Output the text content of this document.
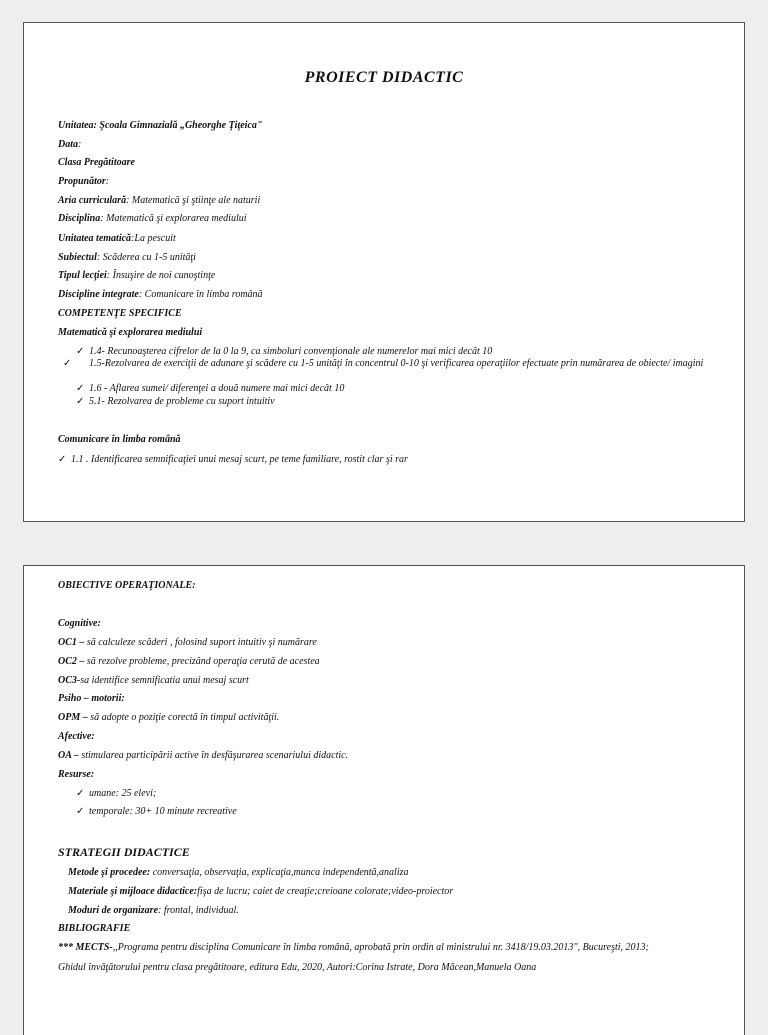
PROIECT DIDACTIC
Unitatea: Şcoala Gimnazială „Gheorghe Ţiţeica"
Data:
Clasa Pregătitoare
Propunător:
Aria curriculară: Matematică şi ştiinţe ale naturii
Disciplina: Matematică şi explorarea mediului
Unitatea tematică:La pescuit
Subiectul: Scăderea cu 1-5 unităţi
Tipul lecţiei: Însuşire de noi cunoştinţe
Discipline integrate: Comunicare în limba română
COMPETENŢE SPECIFICE
Matematică şi explorarea mediului
✓ 1.4- Recunoaşterea cifrelor de la 0 la 9, ca simboluri convenţionale ale numerelor mai mici decât 10
✓ 1.5-Rezolvarea de exerciţii de adunare şi scădere cu 1-5 unităţi în concentrul 0-10 şi verificarea operaţiilor efectuate prin numărarea de obiecte/ imagini
✓ 1.6 - Aflarea sumei/ diferenţei a două numere mai mici decât 10
✓ 5.1- Rezolvarea de probleme cu suport intuitiv
Comunicare în limba română
✓ 1.1 . Identificarea semnificaţiei unui mesaj scurt, pe teme familiare, rostit clar şi rar
OBIECTIVE OPERAŢIONALE:
Cognitive:
OC1 – să calculeze scăderi , folosind suport intuitiv şi numărare
OC2 – să rezolve probleme, precizând operaţia cerută de acestea
OC3-sa identifice semnificatia unui mesaj scurt
Psiho – motorii:
OPM – să adopte o poziţie corectă în timpul activităţii.
Afective:
OA – stimularea participării active în desfăşurarea scenariului didactic.
Resurse:
✓ umane: 25 elevi;
✓ temporale: 30+ 10 minute recreative
STRATEGII DIDACTICE
Metode şi procedee: conversaţia, observaţia, explicaţia,munca independentă,analiza
Materiale şi mijloace didactice:fişa de lucru; caiet de creaţie;creioane colorate;video-proiector
Moduri de organizare: frontal, individual.
BIBLIOGRAFIE
*** MECTS-,,Programa pentru disciplina Comunicare în limba română, aprobată prin ordin al ministrului nr. 3418/19.03.2013", Bucureşti, 2013;
Ghidul învăţătorului pentru clasa pregătitoare, editura Edu, 2020, Autori:Corina Istrate, Dora Măcean,Manuela Oana
